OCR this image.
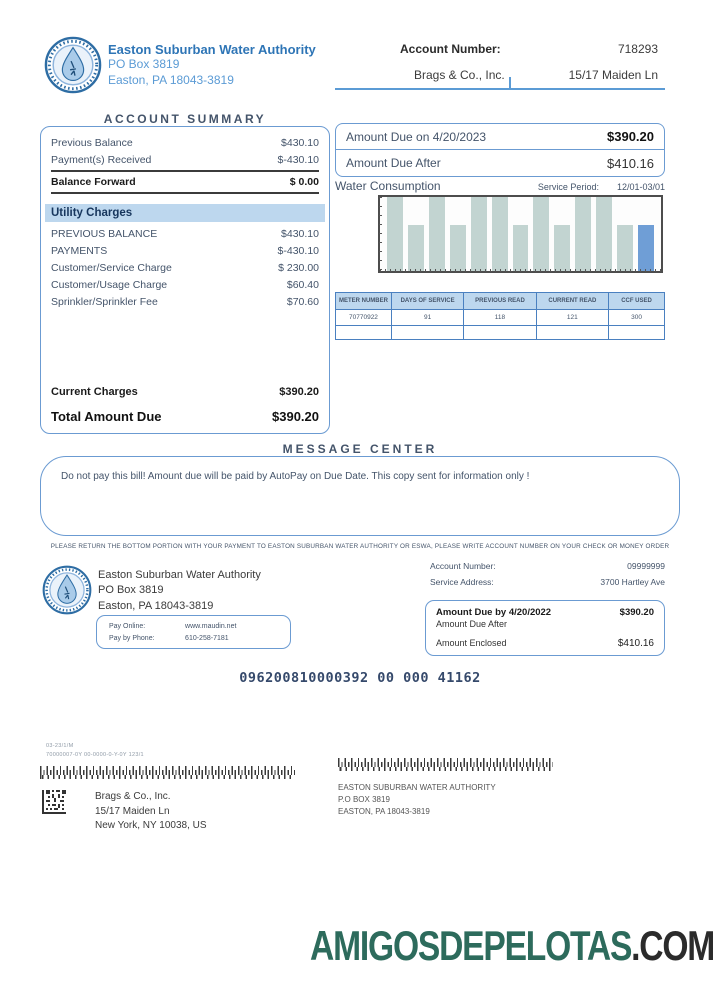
Easton Suburban Water Authority
PO Box 3819
Easton, PA 18043-3819
Account Number:	718293
Brags & Co., Inc.	15/17 Maiden Ln
ACCOUNT SUMMARY
Previous Balance	$430.10
Payment(s) Received	$-430.10
Balance Forward	$ 0.00
Utility Charges
PREVIOUS BALANCE	$430.10
PAYMENTS	$-430.10
Customer/Service Charge	$ 230.00
Customer/Usage Charge	$60.40
Sprinkler/Sprinkler Fee	$70.60
Current Charges	$390.20
Total Amount Due	$390.20
Amount Due on 4/20/2023	$390.20
Amount Due After	$410.16
Water Consumption	Service Period: 12/01-03/01
METER NUMBER	DAYS OF SERVICE	PREVIOUS READ	CURRENT READ	CCF USED
70770922	91	118	121	300

MESSAGE CENTER
Do not pay this bill! Amount due will be paid by AutoPay on Due Date. This copy sent for information only !
PLEASE RETURN THE BOTTOM PORTION WITH YOUR PAYMENT TO EASTON SUBURBAN WATER AUTHORITY OR ESWA, PLEASE WRITE ACCOUNT NUMBER ON YOUR CHECK OR MONEY ORDER
Easton Suburban Water Authority
PO Box 3819
Easton, PA 18043-3819
Pay Online:	www.maudin.net
Pay by Phone:	610-258-7181
Account Number:	09999999
Service Address:	3700 Hartley Ave
Amount Due by 4/20/2022	$390.20
Amount Due After
Amount Enclosed	$410.16
096200810000392 00 000 41162
03-23/1/M
70000007-0Y 00-0000-0-Y-0Y 123/1
Brags & Co., Inc.
15/17 Maiden Ln
New York, NY 10038, US
EASTON SUBURBAN WATER AUTHORITY
P.O BOX 3819
EASTON, PA 18043-3819
AMIGOSDEPELOTAS.COM
